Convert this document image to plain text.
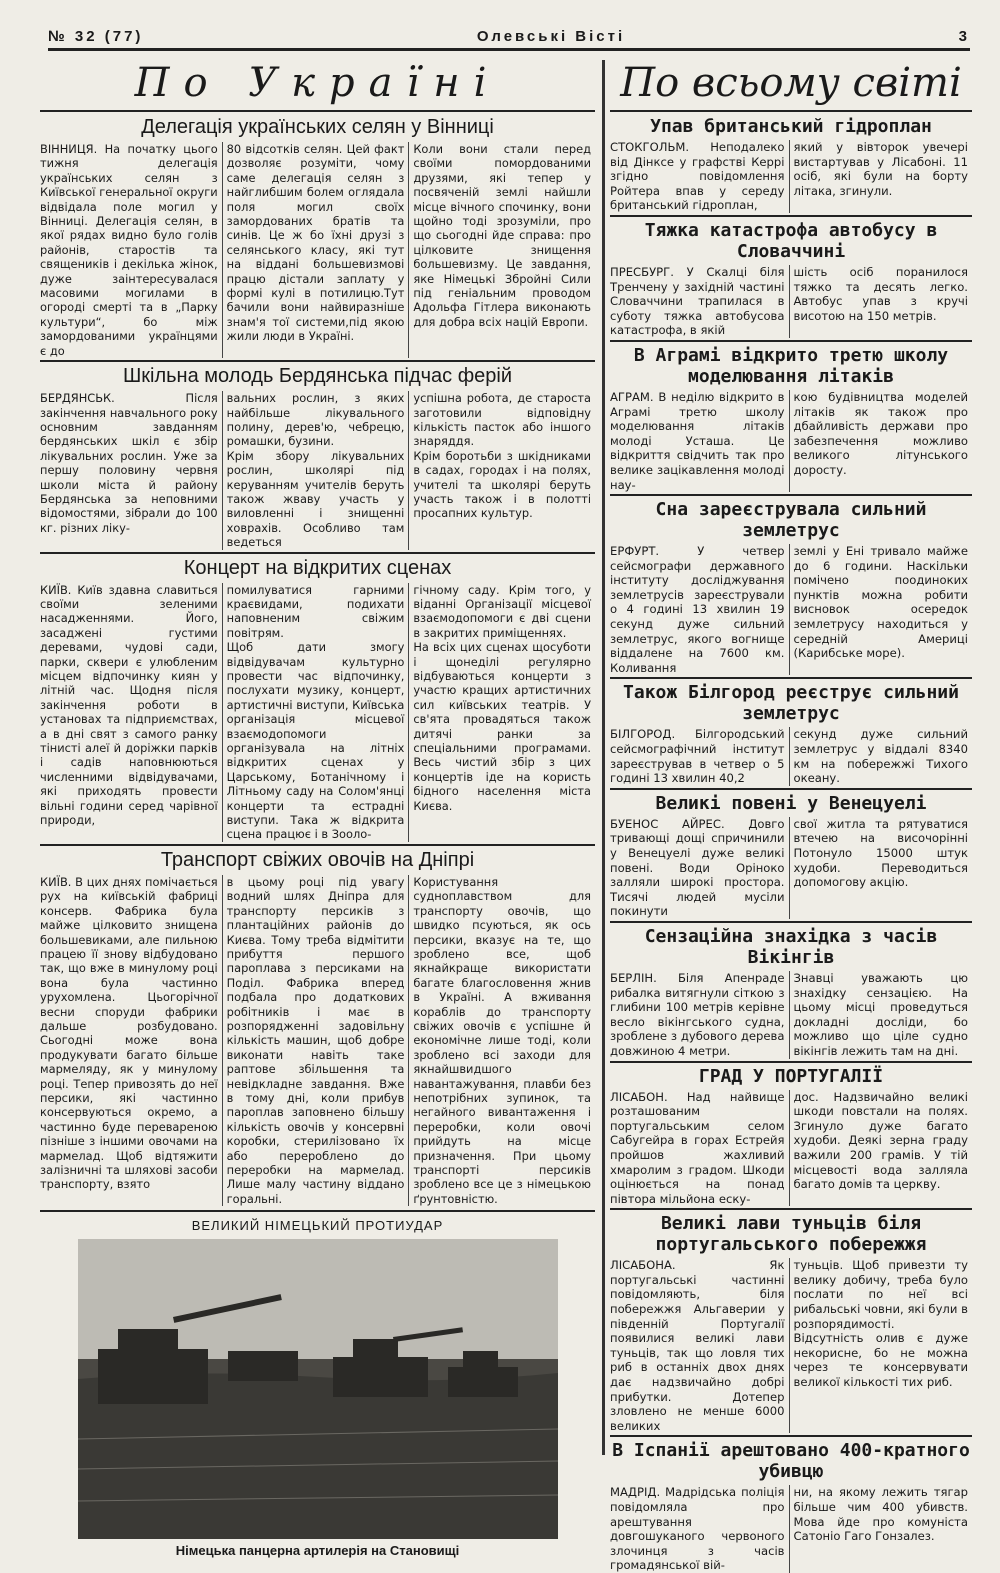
№ 32 (77)	Олевські Вісті	3
По Україні
Делегація українських селян у Вінниці
ВІННИЦЯ. На початку цього тижня делегація українських селян з Київської генеральної округи відвідала поле могил у Вінниці. Делегація селян, в якої рядах видно було голів районів, старостів та священиків і декілька жінок, дуже заінтересувалася масовими могилами в огороді смерті та в „Парку культури“, бо між замордованими українцями є до
80 відсотків селян. Цей факт дозволяє розуміти, чому саме делегація селян з найглибшим болем оглядала поля могил своїх замордованих братів та синів. Це ж бо їхні друзі з селянського класу, які тут на віддані большевизмові працю дістали заплату у формі кулі в потилицю.Тут бачили вони найвиразніше знам'я тої системи,під якою жили люди в Україні.
Коли вони стали перед своїми помордованими друзями, які тепер у посвяченій землі найшли місце вічного спочинку, вони щойно тоді зрозуміли, про що сьогодні йде справа: про цілковите знищення большевизму. Це завдання, яке Німецькі Збройні Сили під геніальним проводом Адольфа Гітлера виконають для добра всіх націй Европи.
Шкільна молодь Бердянська підчас ферій
БЕРДЯНСЬК. Після закінчення навчального року основним завданням бердянських шкіл є збір лікувальних рослин. Уже за першу половину червня школи міста й району Бердянська за неповними відомостями, зібрали до 100 кг. різних ліку-
вальних рослин, з яких найбільше лікувального полину, дерев'ю, чебрецю, ромашки, бузини.
Крім збору лікувальних рослин, школярі під керуванням учителів беруть також жваву участь у виловленні і знищенні ховрахів. Особливо там ведеться
успішна робота, де староста заготовили відповідну кількість пасток або іншого знаряддя.
Крім боротьби з шкідниками в садах, городах і на полях, учителі та школярі беруть участь також і в полотті просапних культур.
Концерт на відкритих сценах
КИЇВ. Київ здавна славиться своїми зеленими насадженнями. Його, засаджені густими деревами, чудові сади, парки, сквери є улюбленим місцем відпочинку киян у літній час. Щодня після закінчення роботи в установах та підприємствах, а в дні свят з самого ранку тінисті алеї й доріжки парків і садів наповнюються численними відвідувачами, які приходять провести вільні години серед чарівної природи,
помилуватися гарними краєвидами, подихати наповненим свіжим повітрям.
Щоб дати змогу відвідувачам культурно провести час відпочинку, послухати музику, концерт, артистичні виступи, Київська організація місцевої взаємодопомоги організувала на літніх відкритих сценах у Царському, Ботанічному і Літньому саду на Солом'янці концерти та естрадні виступи. Така ж відкрита сцена працює і в Зооло-
гічному саду. Крім того, у віданні Організації місцевої взаємодопомоги є дві сцени в закритих приміщеннях.
На всіх цих сценах щосуботи і щонеділі регулярно відбуваються концерти з участю кращих артистичних сил київських театрів. У св'ята провадяться також дитячі ранки за спеціальними програмами. Весь чистий збір з цих концертів іде на користь бідного населення міста Києва.
Транспорт свіжих овочів на Дніпрі
КИЇВ. В цих днях помічається рух на київській фабриці консерв. Фабрика була майже цілковито знищена большевиками, але пильною працею її знову відбудовано так, що вже в минулому році вона була частинно уруxомлена. Цьогорічної весни споруди фабрики дальше розбудовано. Сьогодні може вона продукувати багато більше мармеляду, як у минулому році. Тепер привозять до неї персики, які частинно консервуються окремо, а частинно буде перевареною пізніше з іншими овочами на мармелад. Щоб відтяжити залізничні та шляхові засоби транспорту, взято
в цьому році під увагу водний шлях Дніпра для транспорту персиків з плантаційних районів до Києва. Тому треба відмітити прибуття першого пароплава з персиками на Поділ. Фабрика вперед подбала про додаткових робітників і має в розпорядженні задовільну кількість машин, щоб добре виконати навіть таке раптове збільшення та невідкладне завдання. Вже в тому дні, коли прибув пароплав заповнено більшу кількість овочів у консервні коробки, стерилізовано їх або перероблено до переробки на мармелад. Лише малу частину віддано горальні.
Користування судноплавством для транспорту овочів, що швидко псуються, як ось персики, вказує на те, що зроблено все, щоб якнайкраще використати багате благословення жнив в Україні. А вживання кораблів до транспорту свіжих овочів є успішне й економічне лише тоді, коли зроблено всі заходи для якнайшвидшого навантажування, плавби без непотрібних зупинок, та негайного вивантаження і переробки, коли овочі прийдуть на місце призначення. При цьому транспорті персиків зроблено все це з німецькою ґрунтовністю.
ВЕЛИКИЙ НІМЕЦЬКИЙ ПРОТИУДАР
Німецька панцерна артилерія на Становищі
По всьому світі
Упав британський гідроплан
СТОКГОЛЬМ. Неподалеко від Дінксе у графстві Керрі згідно повідомлення Ройтера впав у середу британський гідроплан,
який у вівторок увечері вистартував у Лісабоні. 11 осіб, які були на борту літака, згинули.
Тяжка катастрофа автобусу в Словаччині
ПРЕСБУРГ. У Скалці біля Тренчену у західній частині Словаччини трапилася в суботу тяжка автобусова катастрофа, в якій
шість осіб поранилося тяжко та десять легко. Автобус упав з кручі висотою на 150 метрів.
В Аграмі відкрито третю школу моделювання літаків
АГРАМ. В неділю відкрито в Аграмі третю школу моделювання літаків молоді Усташа. Це відкриття свідчить так про велике зацікавлення молоді нау-
кою будівництва моделей літаків як також про дбайливість держави про забезпечення можливо великого літунського доросту.
Сна зареєструвала сильний землетрус
ЕРФУРТ. У четвер сейсмографи державного інституту досліджування землетрусів зареєстрували о 4 годині 13 хвилин 19 секунд дуже сильний землетрус, якого вогнище віддалене на 7600 км. Коливання
землі у Ені тривало майже до 6 години. Наскільки помічено поодиноких пунктів можна робити висновок осередок землетрусу находиться у середній Америці (Карибське море).
Також Білгород реєструє сильний землетрус
БІЛГОРОД. Білгородський сейсмографічний інститут зареєстрував в четвер о 5 годині 13 хвилин 40,2
секунд дуже сильний землетрус у віддалі 8340 км на побережжі Тихого океану.
Великі повені у Венецуелі
БУЕНОС АЙРЕС. Довго тривающі дощі спричинили у Венецуелі дуже великі повені. Води Оріноко залляли широкі простора. Тисячі людей мусіли покинути
свої житла та рятуватися втечею на височорінні Потонуло 15000 штук худоби. Переводиться допомогову акцію.
Сензаційна знахідка з часів Вікінгів
БЕРЛІН. Біля Апенраде рибалка витягнули сіткою з глибини 100 метрів керівне весло вікінгського судна, зроблене з дубового дерева довжиною 4 метри.
Знавці уважають цю знахідку сензацією. На цьому місці проведуться докладні досліди, бо можливо що ціле судно вікінгів лежить там на дні.
ГРАД У ПОРТУГАЛІЇ
ЛІСАБОН. Над найвище розташованим португальським селом Сабугейра в горах Естрейя пройшов жахливий хмаролим з градом. Шкоди оцінюється на понад півтора мільйона еску-
дос. Надзвичайно великі шкоди повстали на полях. Згинуло дуже багато худоби. Деякі зерна граду важили 200 грамів. У тій місцевості вода залляла багато домів та церкву.
Великі лави туньців біля португальського побережжя
ЛІСАБОНА. Як португальські частинні повідомляють, біля побережжя Альгаверии у південній Португалії появилися великі лави туньців, так що ловля тих риб в останніх двох днях дає надзвичайно добрі прибутки. Дотепер зловлено не менше 6000 великих
туньців. Щоб привезти ту велику добичу, треба було послати по неї всі рибальські човни, які були в розпорядимості. Відсутність олив є дуже некорисне, бо не можна через те консервувати великої кількості тих риб.
В Іспанії арештовано 400-кратного убивцю
МАДРІД. Мадрідська поліція повідомляла про арештування довгошуканого червоного злочинця з часів громадянської вій-
ни, на якому лежить тягар більше чим 400 убивств. Мова йде про комуніста Сатоніо Гаго Гонзалез.
